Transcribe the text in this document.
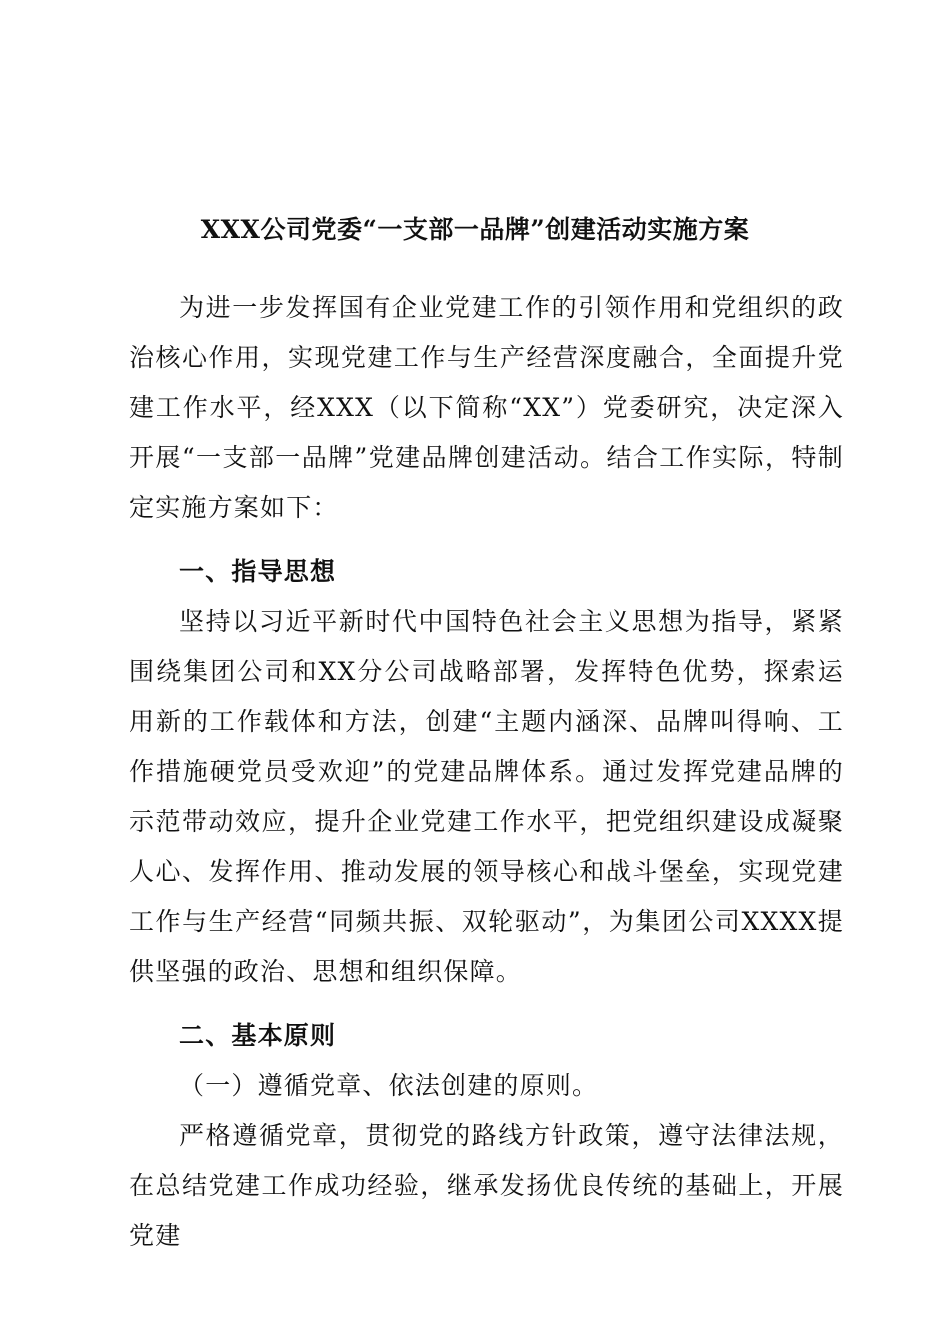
XXX公司党委“一支部一品牌”创建活动实施方案

为进一步发挥国有企业党建工作的引领作用和党组织的政治核心作用，实现党建工作与生产经营深度融合，全面提升党建工作水平，经XXX（以下简称“XX”）党委研究，决定深入开展“一支部一品牌”党建品牌创建活动。结合工作实际，特制定实施方案如下：

一、指导思想

坚持以习近平新时代中国特色社会主义思想为指导，紧紧围绕集团公司和XX分公司战略部署，发挥特色优势，探索运用新的工作载体和方法，创建“主题内涵深、品牌叫得响、工作措施硬党员受欢迎”的党建品牌体系。通过发挥党建品牌的示范带动效应，提升企业党建工作水平，把党组织建设成凝聚人心、发挥作用、推动发展的领导核心和战斗堡垒，实现党建工作与生产经营“同频共振、双轮驱动”，为集团公司XXXX提供坚强的政治、思想和组织保障。

二、基本原则

（一）遵循党章、依法创建的原则。

严格遵循党章，贯彻党的路线方针政策，遵守法律法规，在总结党建工作成功经验，继承发扬优良传统的基础上，开展党建
